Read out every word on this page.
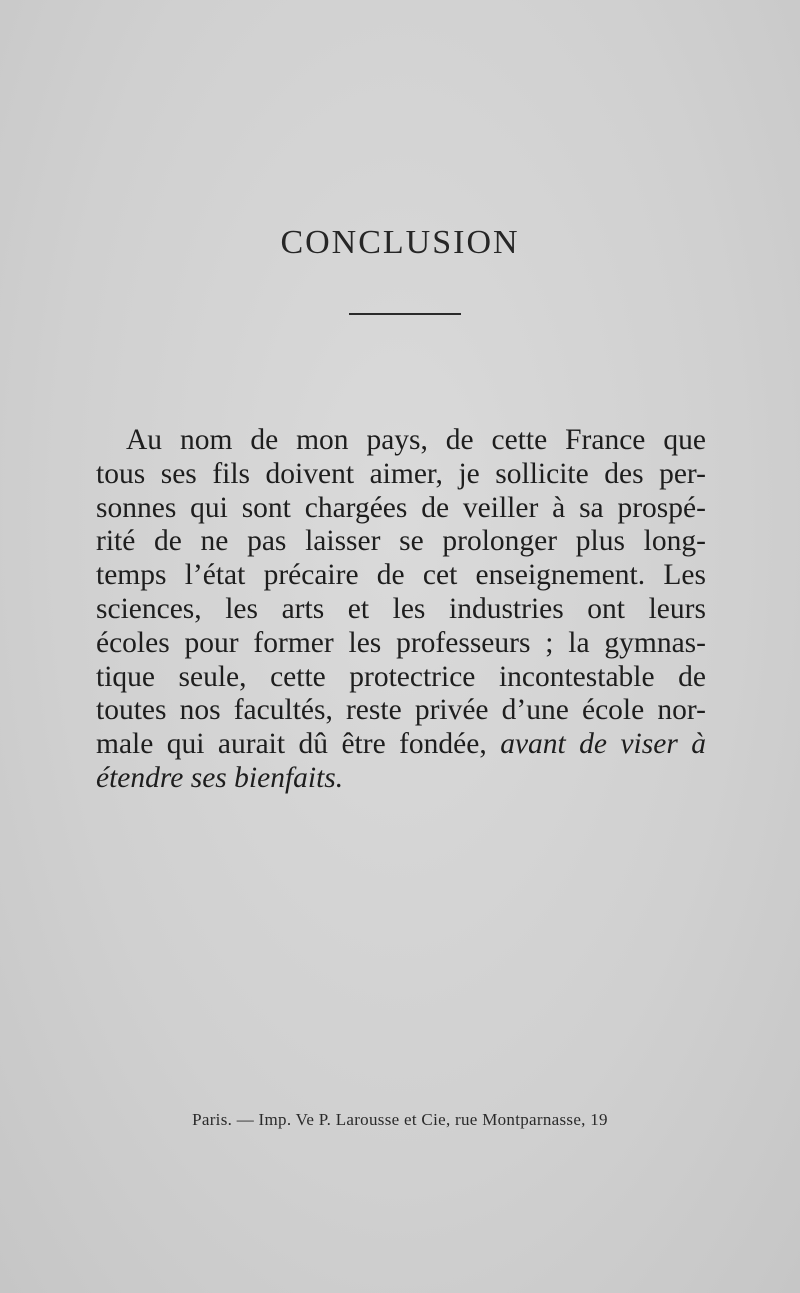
CONCLUSION
Au nom de mon pays, de cette France que
tous ses fils doivent aimer, je sollicite des per-
sonnes qui sont chargées de veiller à sa prospé-
rité de ne pas laisser se prolonger plus long-
temps l’état précaire de cet enseignement. Les
sciences, les arts et les industries ont leurs
écoles pour former les professeurs ; la gymnas-
tique seule, cette protectrice incontestable de
toutes nos facultés, reste privée d’une école nor-
male qui aurait dû être fondée, avant de viser à
étendre ses bienfaits.
Paris. — Imp. Ve P. Larousse et Cie, rue Montparnasse, 19
